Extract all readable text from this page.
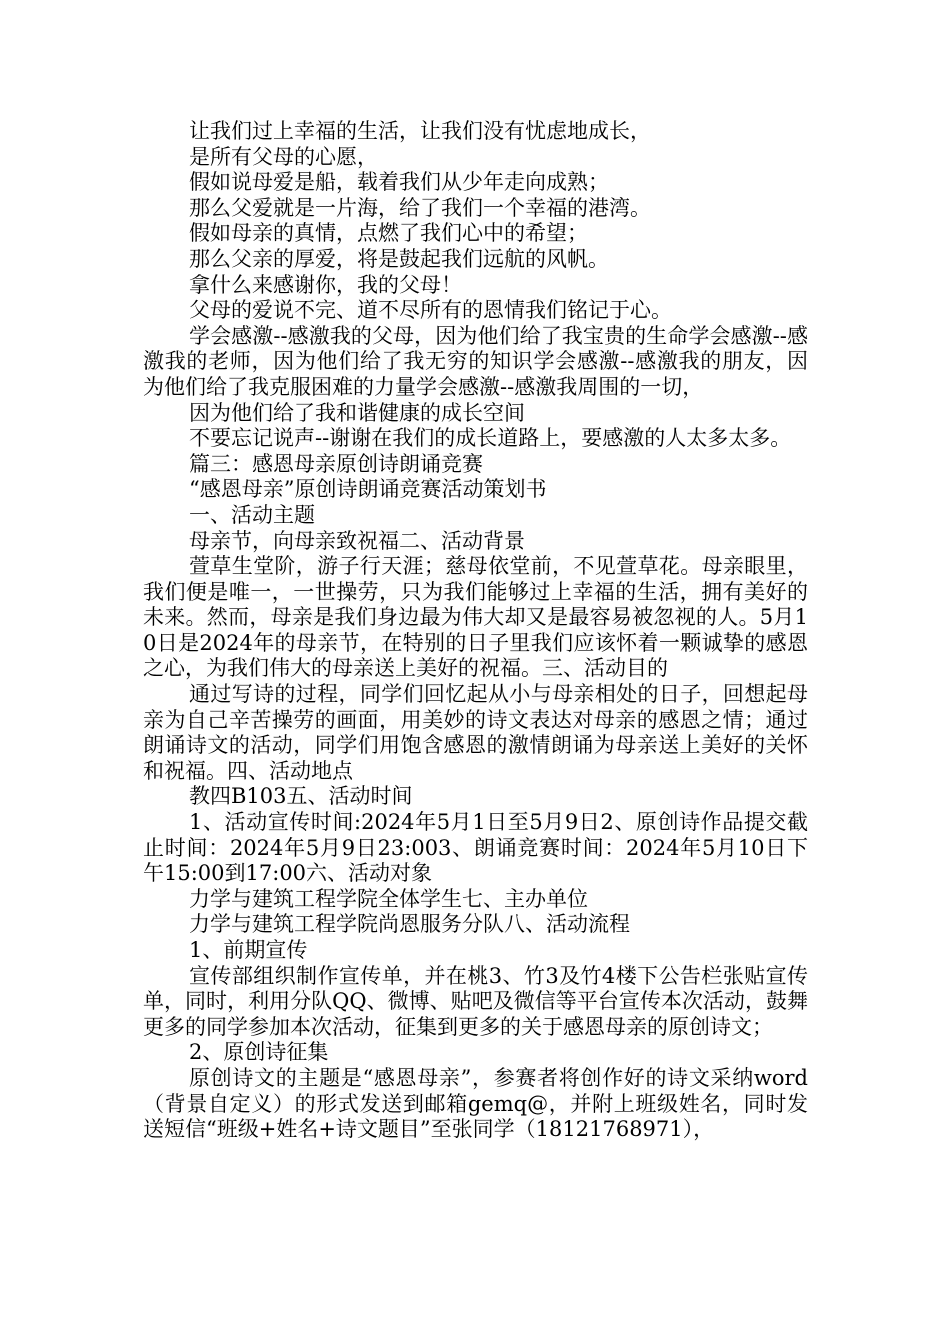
让我们过上幸福的生活，让我们没有忧虑地成长，
是所有父母的心愿，
假如说母爱是船，载着我们从少年走向成熟；
那么父爱就是一片海，给了我们一个幸福的港湾。
假如母亲的真情，点燃了我们心中的希望；
那么父亲的厚爱，将是鼓起我们远航的风帆。
拿什么来感谢你，我的父母！
父母的爱说不完、道不尽所有的恩情我们铭记于心。
学会感激--感激我的父母，因为他们给了我宝贵的生命学会感激--感激我的老师，因为他们给了我无穷的知识学会感激--感激我的朋友，因为他们给了我克服困难的力量学会感激--感激我周围的一切，
因为他们给了我和谐健康的成长空间
不要忘记说声--谢谢在我们的成长道路上，要感激的人太多太多。
篇三：感恩母亲原创诗朗诵竞赛
“感恩母亲”原创诗朗诵竞赛活动策划书
一、活动主题
母亲节，向母亲致祝福二、活动背景
萱草生堂阶，游子行天涯；慈母依堂前，不见萱草花。母亲眼里，我们便是唯一，一世操劳，只为我们能够过上幸福的生活，拥有美好的未来。然而，母亲是我们身边最为伟大却又是最容易被忽视的人。5月10日是2024年的母亲节，在特别的日子里我们应该怀着一颗诚挚的感恩之心，为我们伟大的母亲送上美好的祝福。三、活动目的
通过写诗的过程，同学们回忆起从小与母亲相处的日子，回想起母亲为自己辛苦操劳的画面，用美妙的诗文表达对母亲的感恩之情；通过朗诵诗文的活动，同学们用饱含感恩的激情朗诵为母亲送上美好的关怀和祝福。四、活动地点
教四B103五、活动时间
1、活动宣传时间:2024年5月1日至5月9日2、原创诗作品提交截止时间：2024年5月9日23:003、朗诵竞赛时间：2024年5月10日下午15:00到17:00六、活动对象
力学与建筑工程学院全体学生七、主办单位
力学与建筑工程学院尚恩服务分队八、活动流程
1、前期宣传
宣传部组织制作宣传单，并在桃3、竹3及竹4楼下公告栏张贴宣传单，同时，利用分队QQ、微博、贴吧及微信等平台宣传本次活动，鼓舞更多的同学参加本次活动，征集到更多的关于感恩母亲的原创诗文；
2、原创诗征集
原创诗文的主题是“感恩母亲”，参赛者将创作好的诗文采纳word（背景自定义）的形式发送到邮箱gemq@，并附上班级姓名，同时发送短信“班级+姓名+诗文题目”至张同学（18121768971），
